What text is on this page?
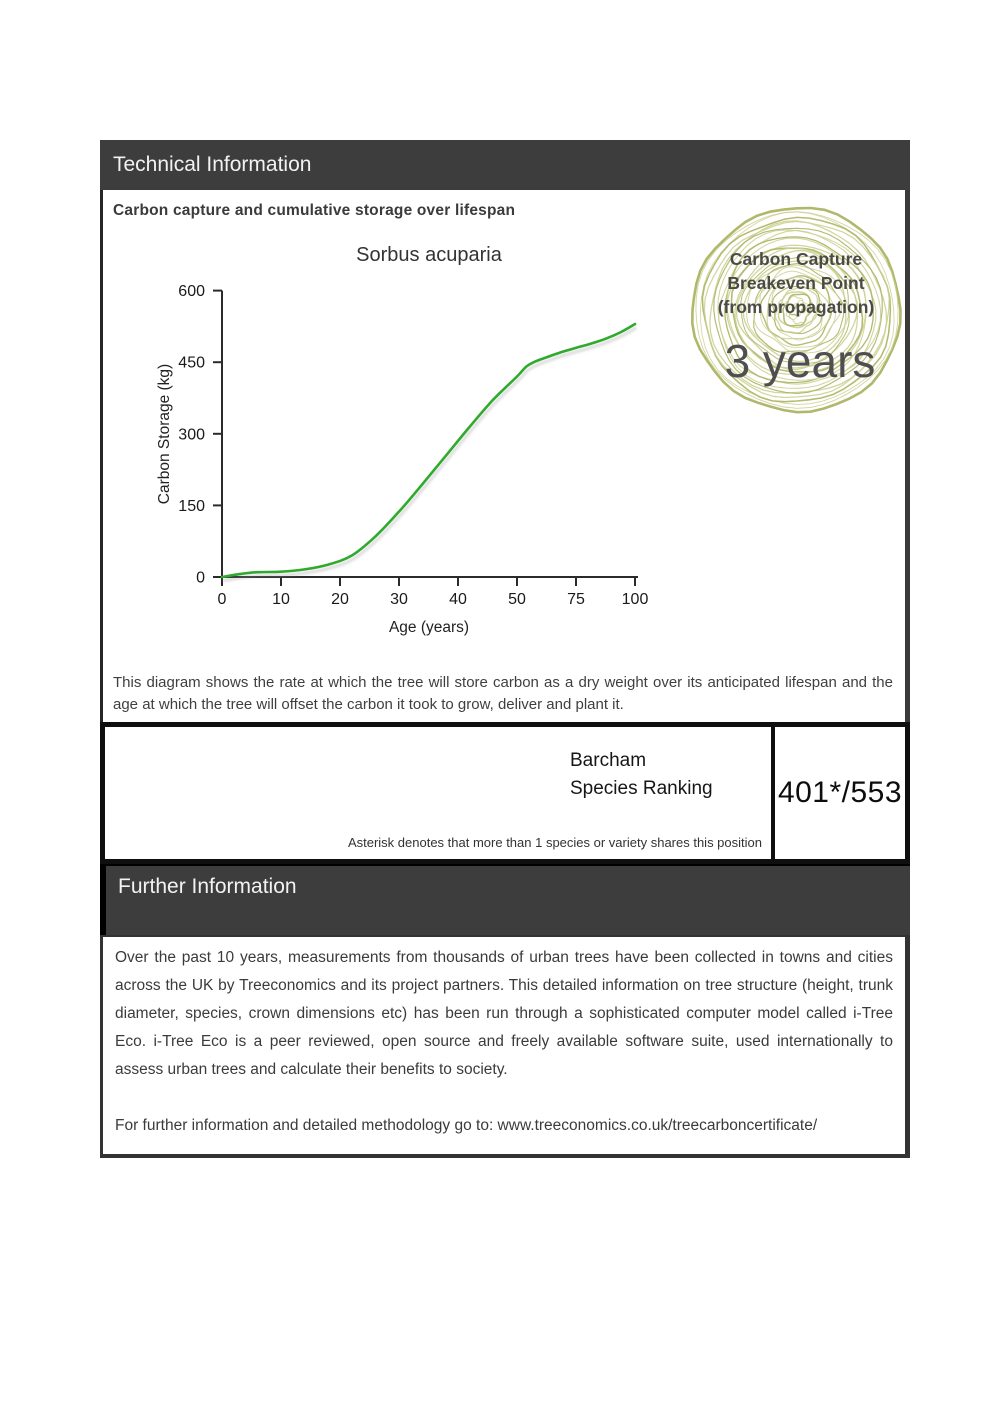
Technical Information
Carbon capture and cumulative storage over lifespan
0
150
300
450
600
0	10	20	30	40	50	75 100
Sorbus acuparia
Carbon Storage (kg)
Age (years)
Carbon Capture
Breakeven Point
(from propagation)
3 years
This diagram shows the rate at which the tree will store carbon as a dry weight over its anticipated lifespan and the age at which the tree will offset the carbon it took to grow, deliver and plant it.
Barcham
Species Ranking
Asterisk denotes that more than 1 species or variety shares this position
401*/553
Further Information
Over the past 10 years, measurements from thousands of urban trees have been collected in towns and cities across the UK by Treeconomics and its project partners. This detailed information on tree structure (height, trunk diameter, species, crown dimensions etc) has been run through a sophisticated computer model called i-Tree Eco. i-Tree Eco is a peer reviewed, open source and freely available software suite, used internationally to assess urban trees and calculate their benefits to society.
For further information and detailed methodology go to: www.treeconomics.co.uk/treecarboncertificate/
